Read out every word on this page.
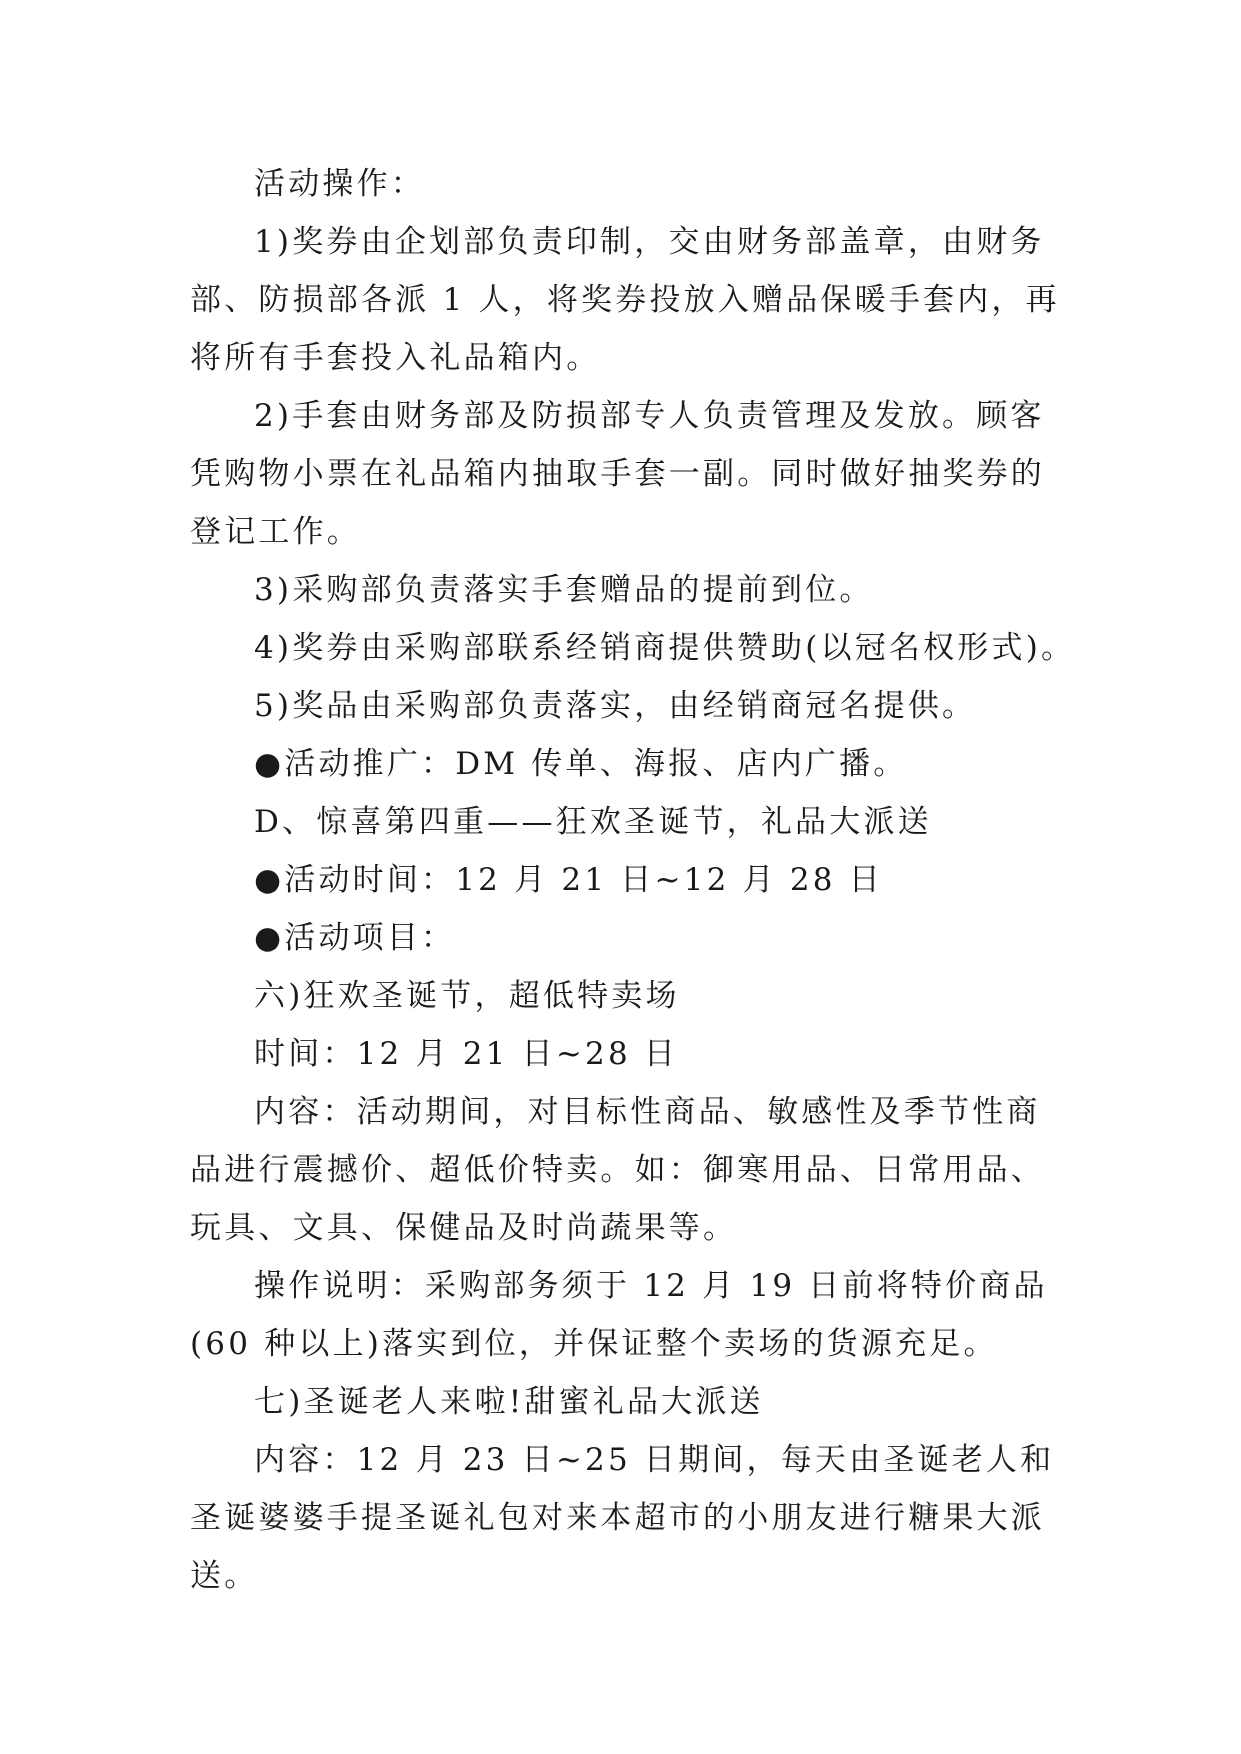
活动操作：

1)奖券由企划部负责印制，交由财务部盖章，由财务部、防损部各派 1 人，将奖券投放入赠品保暖手套内，再将所有手套投入礼品箱内。

2)手套由财务部及防损部专人负责管理及发放。顾客凭购物小票在礼品箱内抽取手套一副。同时做好抽奖券的登记工作。

3)采购部负责落实手套赠品的提前到位。

4)奖券由采购部联系经销商提供赞助(以冠名权形式)。

5)奖品由采购部负责落实，由经销商冠名提供。

●活动推广：DM 传单、海报、店内广播。

D、惊喜第四重——狂欢圣诞节，礼品大派送

●活动时间：12 月 21 日~12 月 28 日

●活动项目：

六)狂欢圣诞节，超低特卖场

时间：12 月 21 日~28 日

内容：活动期间，对目标性商品、敏感性及季节性商品进行震撼价、超低价特卖。如：御寒用品、日常用品、玩具、文具、保健品及时尚蔬果等。

操作说明：采购部务须于 12 月 19 日前将特价商品(60 种以上)落实到位，并保证整个卖场的货源充足。

七)圣诞老人来啦!甜蜜礼品大派送

内容：12 月 23 日~25 日期间，每天由圣诞老人和圣诞婆婆手提圣诞礼包对来本超市的小朋友进行糖果大派送。
